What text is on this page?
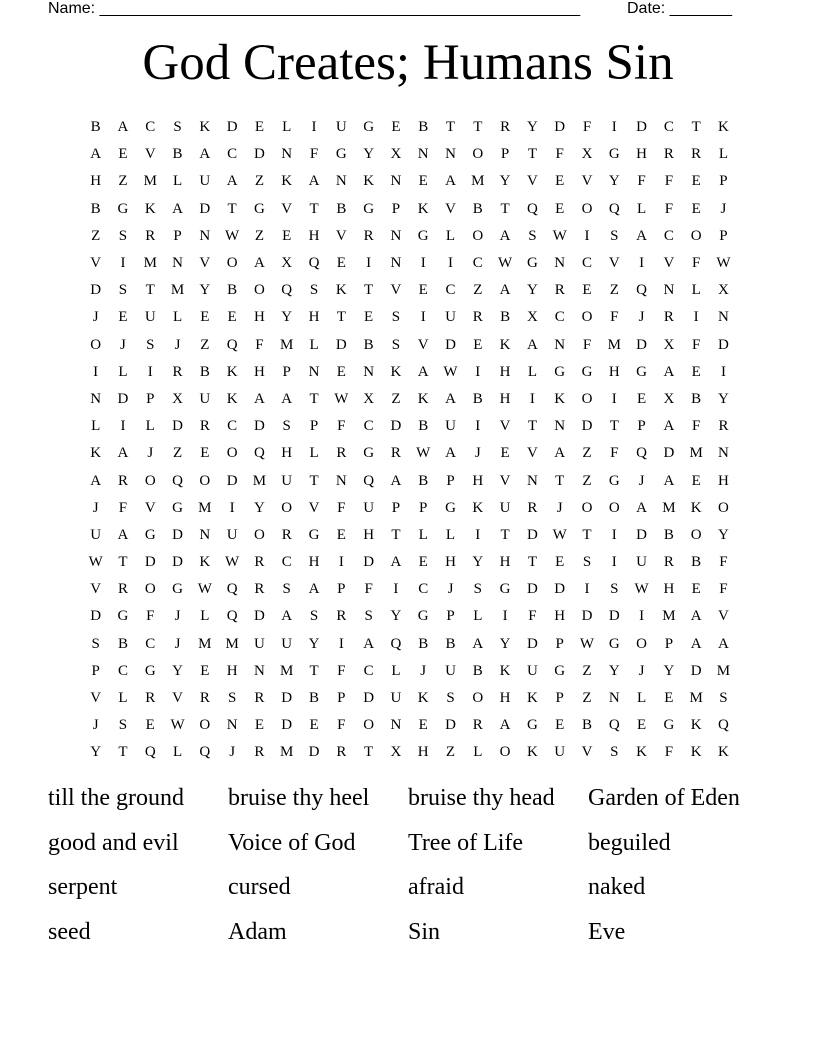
Name: ______________________________________________________	Date: _______
God Creates; Humans Sin
B	A	C	S	K	D	E	L	I	U	G	E	B	T	T	R	Y	D	F	I	D	C	T	K
A	E	V	B	A	C	D	N	F	G	Y	X	N	N	O	P	T	F	X	G	H	R	R	L
H	Z	M	L	U	A	Z	K	A	N	K	N	E	A	M	Y	V	E	V	Y	F	F	E	P
B	G	K	A	D	T	G	V	T	B	G	P	K	V	B	T	Q	E	O	Q	L	F	E	J
Z	S	R	P	N W	Z	E	H	V	R	N	G	L	O	A	S	W	I	S	A	C	O	P
V	I	M	N	V	O	A	X	Q	E	I	N	I	I	C	W G	N	C	V	I	V	F	W
D	S	T	M	Y	B	O	Q	S	K	T	V	E	C	Z	A	Y	R	E	Z	Q	N	L	X
J	E	U	L	E	E	H	Y	H	T	E	S	I	U	R	B	X	C	O	F	J	R	I	N
O	J	S	J	Z	Q	F	M	L	D	B	S	V	D	E	K	A	N	F	M	D	X	F	D
I	L	I	R	B	K	H	P	N	E	N	K	A W	I	H	L	G	G	H	G	A	E	I
N	D	P	X	U	K	A	A	T	W X	Z	K	A	B	H	I	K	O	I	E	X	B	Y
L	I	L	D	R	C	D	S	P	F	C	D	B	U	I	V	T	N	D	T	P	A	F	R
K	A	J	Z	E	O	Q	H	L	R	G	R	W A	J	E	V	A	Z	F	Q	D	M	N
A	R	O	Q	O	D	M	U	T	N	Q	A	B	P	H	V	N	T	Z	G	J	A	E	H
J	F	V	G	M	I	Y	O	V	F	U	P	P	G	K	U	R	J	O	O	A	M	K	O
U	A	G	D	N	U	O	R	G	E	H	T	L	L	I	T	D W	T	I	D	B	O	Y
W	T	D	D	K W	R	C	H	I	D	A	E	H	Y	H	T	E	S	I	U	R	B	F
V	R	O	G W Q	R	S	A	P	F	I	C	J	S	G	D	D	I	S	W H	E	F
D	G	F	J	L	Q	D	A	S	R	S	Y	G	P	L	I	F	H	D	D	I	M	A	V
S	B	C	J	M M	U	U	Y	I	A	Q	B	B	A	Y	D	P	W G	O	P	A	A
P	C	G	Y	E	H	N	M	T	F	C	L	J	U	B	K	U	G	Z	Y	J	Y	D	M
V	L	R	V	R	S	R	D	B	P	D	U	K	S	O	H	K	P	Z	N	L	E	M	S
J	S	E	W O	N	E	D	E	F	O	N	E	D	R	A	G	E	B	Q	E	G	K	Q
Y	T	Q	L	Q	J	R	M	D	R	T	X	H	Z	L	O	K	U	V	S	K	F	K	K
till the ground	bruise thy heel	bruise thy head	Garden of Eden
good and evil	Voice of God	Tree of Life	beguiled
serpent	cursed	afraid	naked
seed	Adam	Sin	Eve
